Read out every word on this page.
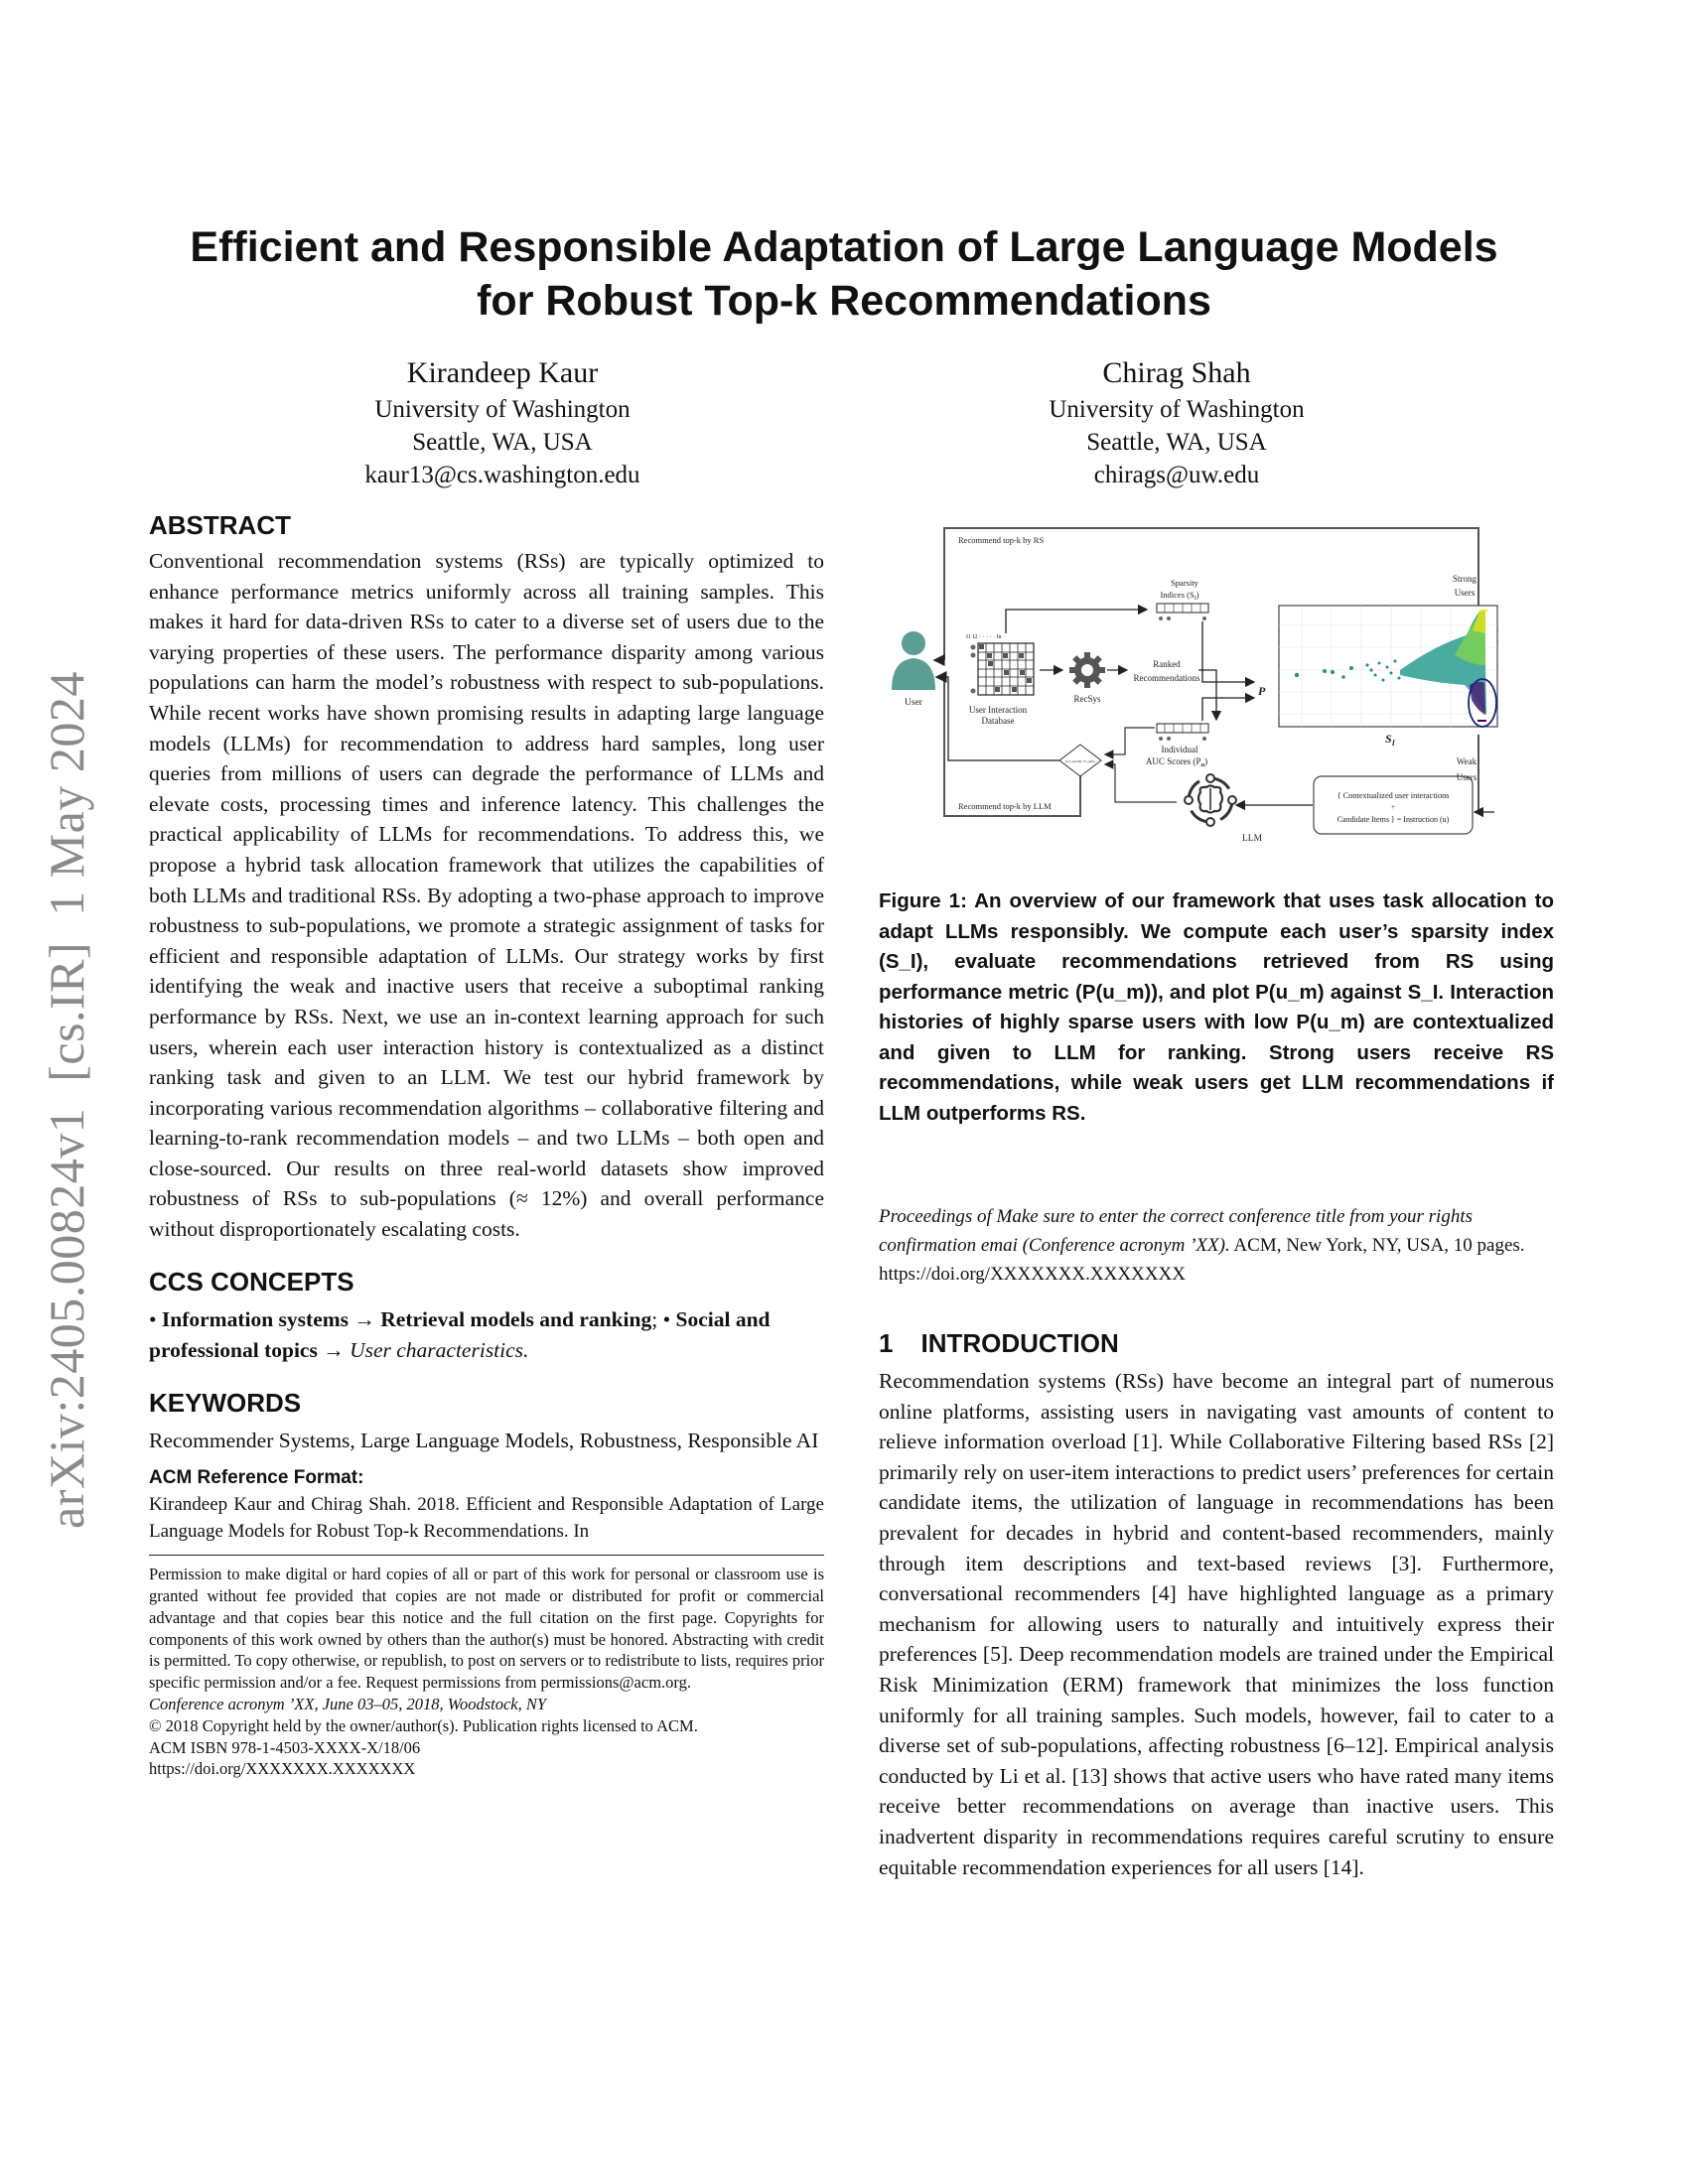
arXiv:2405.00824v1  [cs.IR]  1 May 2024
Efficient and Responsible Adaptation of Large Language Models
for Robust Top-k Recommendations
Kirandeep Kaur
University of Washington
Seattle, WA, USA
kaur13@cs.washington.edu
Chirag Shah
University of Washington
Seattle, WA, USA
chirags@uw.edu
ABSTRACT

Conventional recommendation systems (RSs) are typically optimized to enhance performance metrics uniformly across all training samples. This makes it hard for data-driven RSs to cater to a diverse set of users due to the varying properties of these users. The performance disparity among various populations can harm the model’s robustness with respect to sub-populations. While recent works have shown promising results in adapting large language models (LLMs) for recommendation to address hard samples, long user queries from millions of users can degrade the performance of LLMs and elevate costs, processing times and inference latency. This challenges the practical applicability of LLMs for recommendations. To address this, we propose a hybrid task allocation framework that utilizes the capabilities of both LLMs and traditional RSs. By adopting a two-phase approach to improve robustness to sub-populations, we promote a strategic assignment of tasks for efficient and responsible adaptation of LLMs. Our strategy works by first identifying the weak and inactive users that receive a suboptimal ranking performance by RSs. Next, we use an in-context learning approach for such users, wherein each user interaction history is contextualized as a distinct ranking task and given to an LLM. We test our hybrid framework by incorporating various recommendation algorithms – collaborative filtering and learning-to-rank recommendation models – and two LLMs – both open and close-sourced. Our results on three real-world datasets show improved robustness of RSs to sub-populations (≈ 12%) and overall performance without disproportionately escalating costs.

CCS CONCEPTS

• Information systems → Retrieval models and ranking; • Social and professional topics → User characteristics.

KEYWORDS

Recommender Systems, Large Language Models, Robustness, Responsible AI

ACM Reference Format:

Kirandeep Kaur and Chirag Shah. 2018. Efficient and Responsible Adaptation of Large Language Models for Robust Top-k Recommendations. In

Permission to make digital or hard copies of all or part of this work for personal or classroom use is granted without fee provided that copies are not made or distributed for profit or commercial advantage and that copies bear this notice and the full citation on the first page. Copyrights for components of this work owned by others than the author(s) must be honored. Abstracting with credit is permitted. To copy otherwise, or republish, to post on servers or to redistribute to lists, requires prior specific permission and/or a fee. Request permissions from permissions@acm.org.

Conference acronym ’XX, June 03–05, 2018, Woodstock, NY

© 2018 Copyright held by the owner/author(s). Publication rights licensed to ACM.

ACM ISBN 978-1-4503-XXXX-X/18/06

https://doi.org/XXXXXXX.XXXXXXX

Recommend top-k by RS
Recommend top-k by LLM
User
I1 I2 · · · · · In
User Interaction
Database
RecSys
Ranked
Recommendations
Sparsity
Indices $(S_I)$
Individual
AUC Scores $(P_u)$
P
If P_u(LLM) > P_u(RS)
LLM
{ Contextualized user interactions
+
Candidate Items } = Instruction (u)
Strong
Users
Weak
Users
$S_I$

Figure 1: An overview of our framework that uses task allocation to adapt LLMs responsibly. We compute each user’s sparsity index (S_I), evaluate recommendations retrieved from RS using performance metric (P(u_m)), and plot P(u_m) against S_I. Interaction histories of highly sparse users with low P(u_m) are contextualized and given to LLM for ranking. Strong users receive RS recommendations, while weak users get LLM recommendations if LLM outperforms RS.

Proceedings of Make sure to enter the correct conference title from your rights confirmation emai (Conference acronym ’XX). ACM, New York, NY, USA, 10 pages. https://doi.org/XXXXXXX.XXXXXXX

1 INTRODUCTION

Recommendation systems (RSs) have become an integral part of numerous online platforms, assisting users in navigating vast amounts of content to relieve information overload [1]. While Collaborative Filtering based RSs [2] primarily rely on user-item interactions to predict users’ preferences for certain candidate items, the utilization of language in recommendations has been prevalent for decades in hybrid and content-based recommenders, mainly through item descriptions and text-based reviews [3]. Furthermore, conversational recommenders [4] have highlighted language as a primary mechanism for allowing users to naturally and intuitively express their preferences [5]. Deep recommendation models are trained under the Empirical Risk Minimization (ERM) framework that minimizes the loss function uniformly for all training samples. Such models, however, fail to cater to a diverse set of sub-populations, affecting robustness [6–12]. Empirical analysis conducted by Li et al. [13] shows that active users who have rated many items receive better recommendations on average than inactive users. This inadvertent disparity in recommendations requires careful scrutiny to ensure equitable recommendation experiences for all users [14].
